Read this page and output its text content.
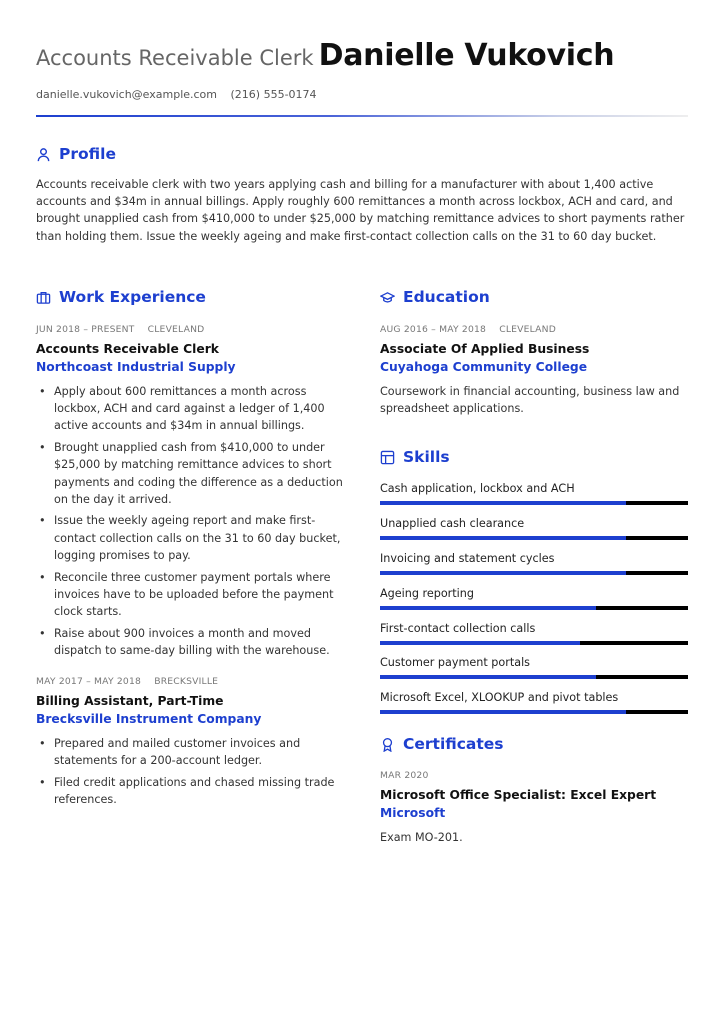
Accounts Receivable Clerk Danielle Vukovich
danielle.vukovich@example.com (216) 555-0174
Profile

Accounts receivable clerk with two years applying cash and billing for a manufacturer with about 1,400 active accounts and $34m in annual billings. Apply roughly 600 remittances a month across lockbox, ACH and card, and brought unapplied cash from $410,000 to under $25,000 by matching remittance advices to short payments rather than holding them. Issue the weekly ageing and make first-contact collection calls on the 31 to 60 day bucket.

Work Experience
JUN 2018 – PRESENT CLEVELAND
Accounts Receivable Clerk
Northcoast Industrial Supply
• Apply about 600 remittances a month across lockbox, ACH and card against a ledger of 1,400 active accounts and $34m in annual billings.
• Brought unapplied cash from $410,000 to under $25,000 by matching remittance advices to short payments and coding the difference as a deduction on the day it arrived.
• Issue the weekly ageing report and make first-contact collection calls on the 31 to 60 day bucket, logging promises to pay.
• Reconcile three customer payment portals where invoices have to be uploaded before the payment clock starts.
• Raise about 900 invoices a month and moved dispatch to same-day billing with the warehouse.
MAY 2017 – MAY 2018 BRECKSVILLE
Billing Assistant, Part-Time
Brecksville Instrument Company
• Prepared and mailed customer invoices and statements for a 200-account ledger.
• Filed credit applications and chased missing trade references.
Education
AUG 2016 – MAY 2018 CLEVELAND
Associate Of Applied Business
Cuyahoga Community College
Coursework in financial accounting, business law and spreadsheet applications.
Skills
Cash application, lockbox and ACH
Unapplied cash clearance
Invoicing and statement cycles
Ageing reporting
First-contact collection calls
Customer payment portals
Microsoft Excel, XLOOKUP and pivot tables
Certificates
MAR 2020
Microsoft Office Specialist: Excel Expert
Microsoft
Exam MO-201.
